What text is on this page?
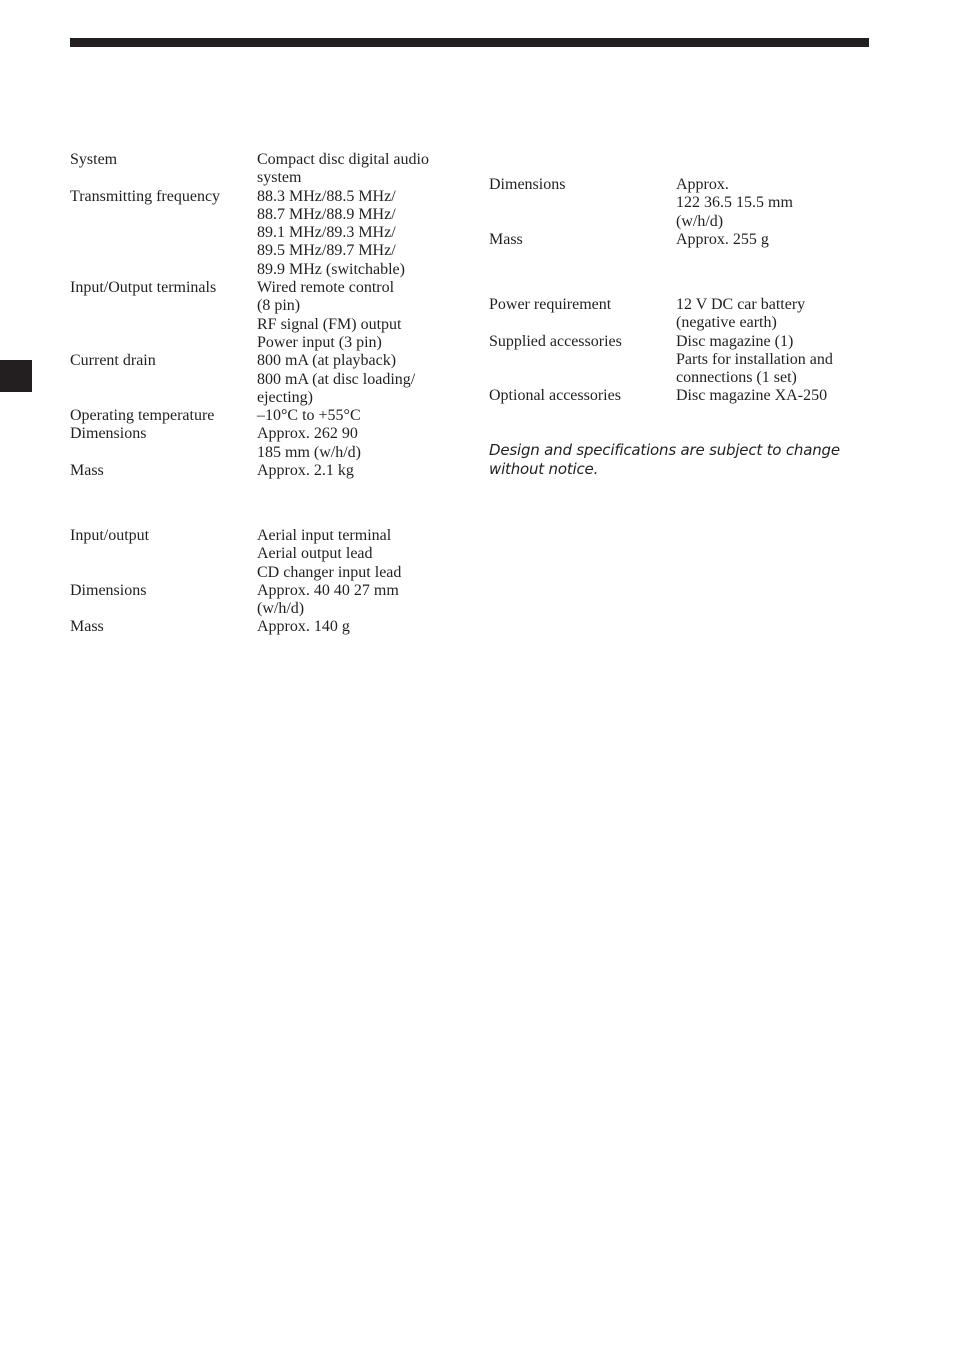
System	Compact disc digital audio
system
Transmitting frequency	88.3 MHz/88.5 MHz/
88.7 MHz/88.9 MHz/
89.1 MHz/89.3 MHz/
89.5 MHz/89.7 MHz/
89.9 MHz (switchable)
Input/Output terminals	Wired remote control
(8 pin)
RF signal (FM) output
Power input (3 pin)
Current drain	800 mA (at playback)
800 mA (at disc loading/
ejecting)
Operating temperature	–10°C to +55°C
Dimensions	Approx. 262 90
185 mm (w/h/d)
Mass	Approx. 2.1 kg
Input/output	Aerial input terminal
Aerial output lead
CD changer input lead
Dimensions	Approx. 40 40 27 mm
(w/h/d)
Mass	Approx. 140 g
Dimensions	Approx.
122 36.5 15.5 mm
(w/h/d)
Mass	Approx. 255 g
Power requirement	12 V DC car battery
(negative earth)
Supplied accessories	Disc magazine (1)
Parts for installation and
connections (1 set)
Optional accessories	Disc magazine XA-250
Design and specifications are subject to change
without notice.
